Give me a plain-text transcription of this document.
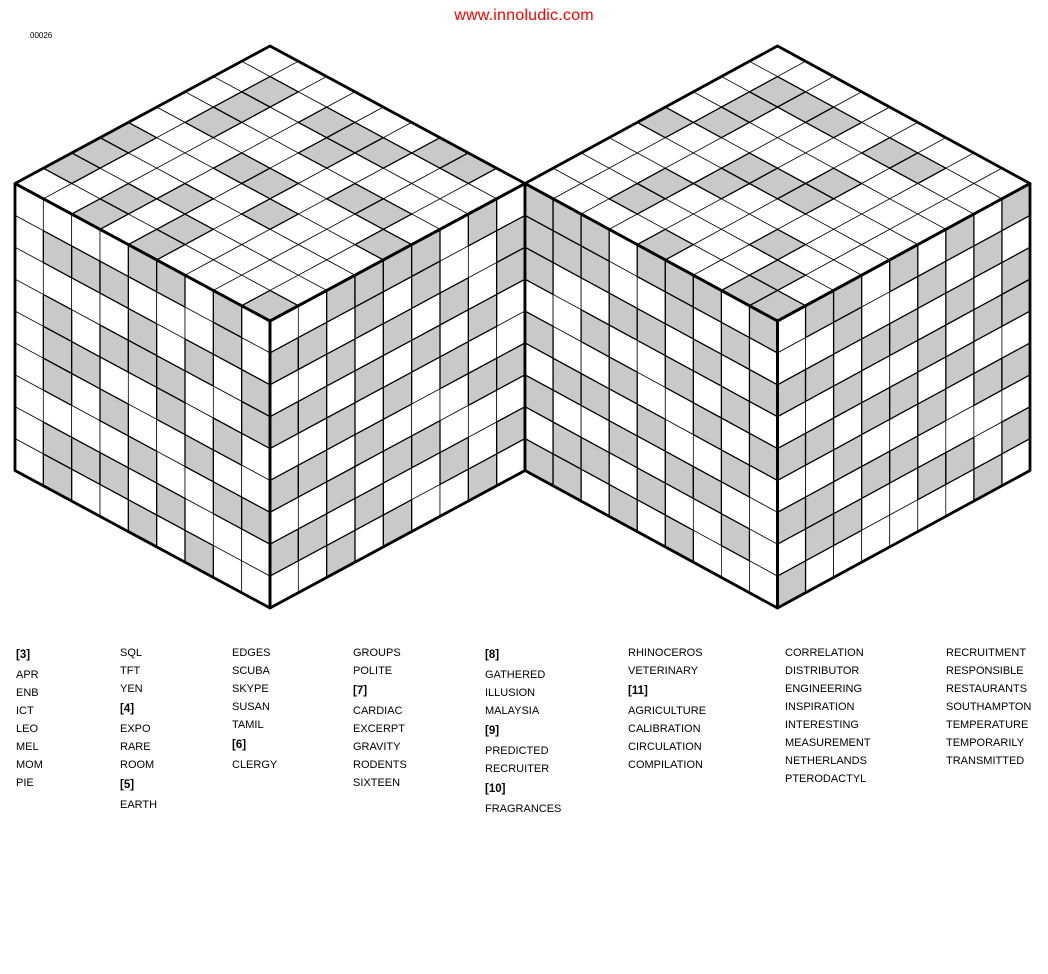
www.innoludic.com
00026
[3]
APR
ENB
ICT
LEO
MEL
MOM
PIE
SQL
TFT
YEN
[4]
EXPO
RARE
ROOM
[5]
EARTH
EDGES
SCUBA
SKYPE
SUSAN
TAMIL
[6]
CLERGY
GROUPS
POLITE
[7]
CARDIAC
EXCERPT
GRAVITY
RODENTS
SIXTEEN
[8]
GATHERED
ILLUSION
MALAYSIA
[9]
PREDICTED
RECRUITER
[10]
FRAGRANCES
RHINOCEROS
VETERINARY
[11]
AGRICULTURE
CALIBRATION
CIRCULATION
COMPILATION
CORRELATION
DISTRIBUTOR
ENGINEERING
INSPIRATION
INTERESTING
MEASUREMENT
NETHERLANDS
PTERODACTYL
RECRUITMENT
RESPONSIBLE
RESTAURANTS
SOUTHAMPTON
TEMPERATURE
TEMPORARILY
TRANSMITTED
